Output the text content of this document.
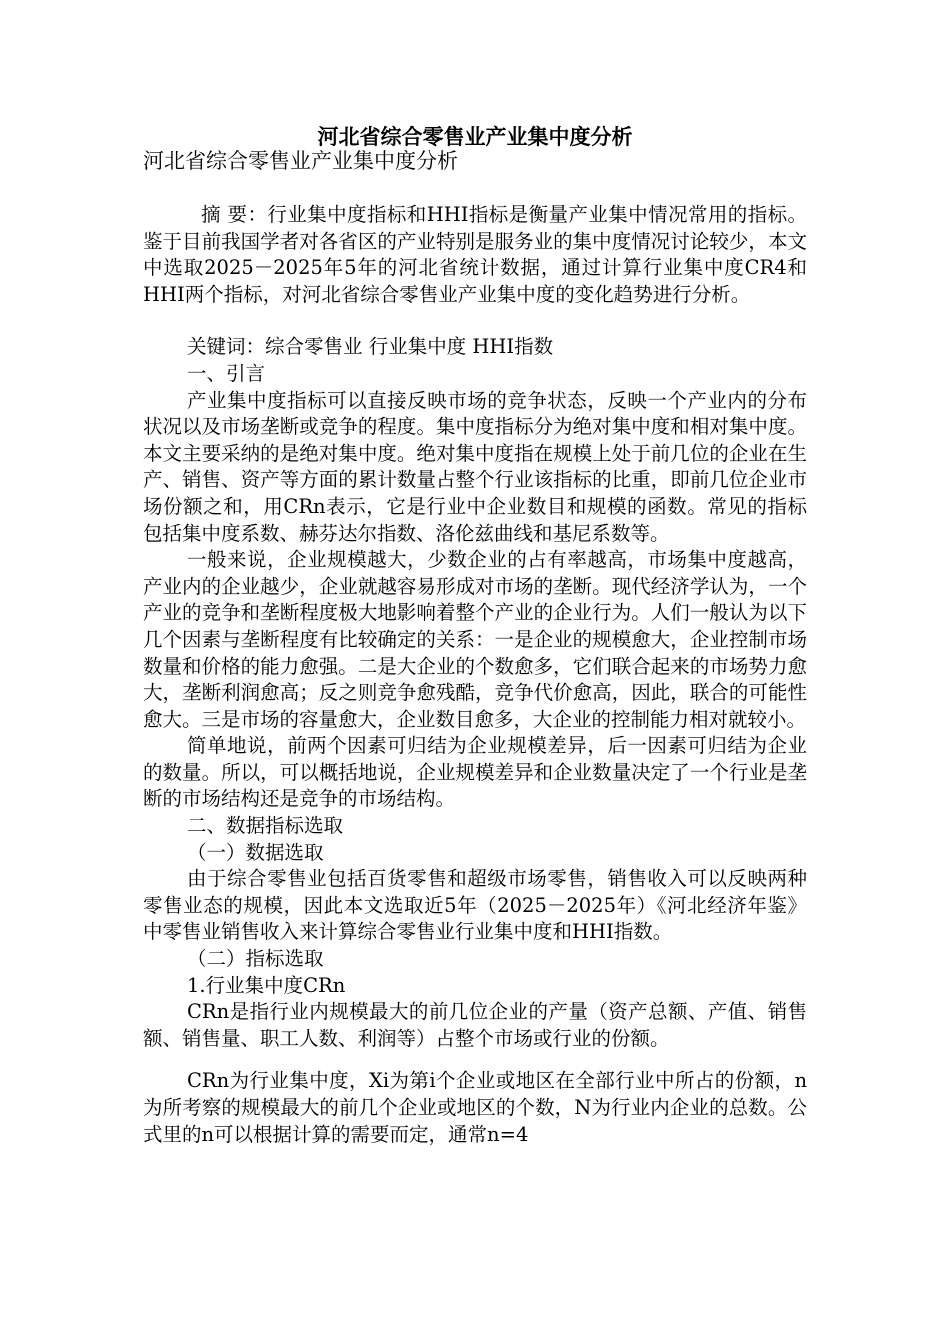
河北省综合零售业产业集中度分析

河北省综合零售业产业集中度分析

摘 要：行业集中度指标和HHI指标是衡量产业集中情况常用的指标。鉴于目前我国学者对各省区的产业特别是服务业的集中度情况讨论较少，本文中选取2025－2025年5年的河北省统计数据，通过计算行业集中度CR4和HHI两个指标，对河北省综合零售业产业集中度的变化趋势进行分析。

关键词：综合零售业 行业集中度 HHI指数

一、引言

产业集中度指标可以直接反映市场的竞争状态，反映一个产业内的分布状况以及市场垄断或竞争的程度。集中度指标分为绝对集中度和相对集中度。本文主要采纳的是绝对集中度。绝对集中度指在规模上处于前几位的企业在生产、销售、资产等方面的累计数量占整个行业该指标的比重，即前几位企业市场份额之和，用CRn表示，它是行业中企业数目和规模的函数。常见的指标包括集中度系数、赫芬达尔指数、洛伦兹曲线和基尼系数等。

一般来说，企业规模越大，少数企业的占有率越高，市场集中度越高，产业内的企业越少，企业就越容易形成对市场的垄断。现代经济学认为，一个产业的竞争和垄断程度极大地影响着整个产业的企业行为。人们一般认为以下几个因素与垄断程度有比较确定的关系：一是企业的规模愈大，企业控制市场数量和价格的能力愈强。二是大企业的个数愈多，它们联合起来的市场势力愈大，垄断利润愈高；反之则竞争愈残酷，竞争代价愈高，因此，联合的可能性愈大。三是市场的容量愈大，企业数目愈多，大企业的控制能力相对就较小。

简单地说，前两个因素可归结为企业规模差异，后一因素可归结为企业的数量。所以，可以概括地说，企业规模差异和企业数量决定了一个行业是垄断的市场结构还是竞争的市场结构。

二、数据指标选取

（一）数据选取

由于综合零售业包括百货零售和超级市场零售，销售收入可以反映两种零售业态的规模，因此本文选取近5年（2025－2025年）《河北经济年鉴》中零售业销售收入来计算综合零售业行业集中度和HHI指数。

（二）指标选取

1.行业集中度CRn

CRn是指行业内规模最大的前几位企业的产量（资产总额、产值、销售额、销售量、职工人数、利润等）占整个市场或行业的份额。

CRn为行业集中度，Xi为第i个企业或地区在全部行业中所占的份额，n为所考察的规模最大的前几个企业或地区的个数，N为行业内企业的总数。公式里的n可以根据计算的需要而定，通常n=4
